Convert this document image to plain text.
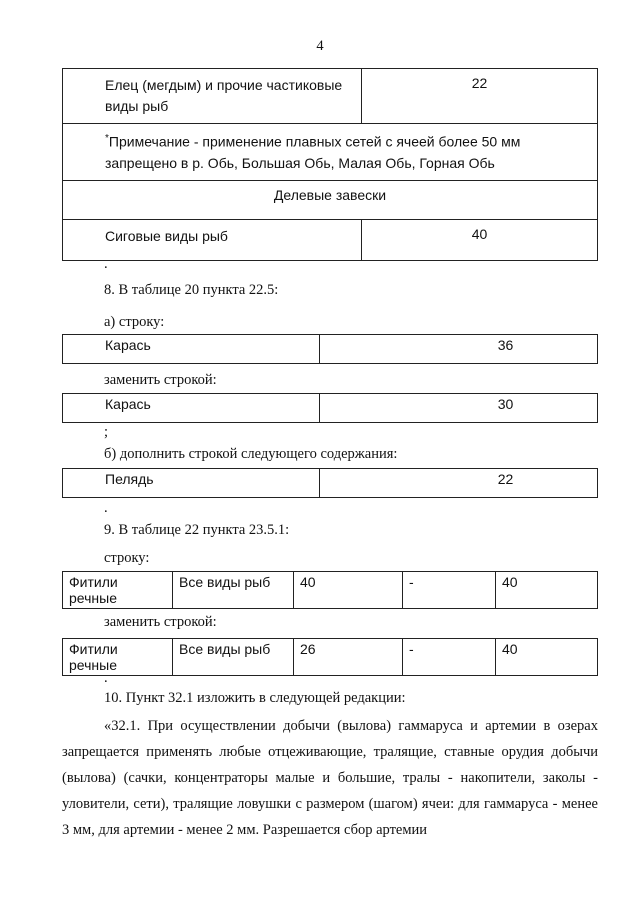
4
Елец (мегдым) и прочие частиковые виды рыб	22
*Примечание - применение плавных сетей с ячеей более 50 мм запрещено в р. Обь, Большая Обь, Малая Обь, Горная Обь	
Делевые завески	
Сиговые виды рыб	40
.
8. В таблице 20 пункта 22.5:
а) строку:
Карась	36
заменить строкой:
Карась	30
;
б) дополнить строкой следующего содержания:
Пелядь	22
.
9. В таблице 22 пункта 23.5.1:
строку:
Фитили речные	Все виды рыб	40	-	40
заменить строкой:
Фитили речные	Все виды рыб	26	-	40
.
10. Пункт 32.1 изложить в следующей редакции:
«32.1. При осуществлении добычи (вылова) гаммаруса и артемии в озерах запрещается применять любые отцеживающие, тралящие, ставные орудия добычи (вылова) (сачки, концентраторы малые и большие, тралы - накопители, заколы - уловители, сети), тралящие ловушки с размером (шагом) ячеи: для гаммаруса - менее 3 мм, для артемии - менее 2 мм. Разрешается сбор артемии
